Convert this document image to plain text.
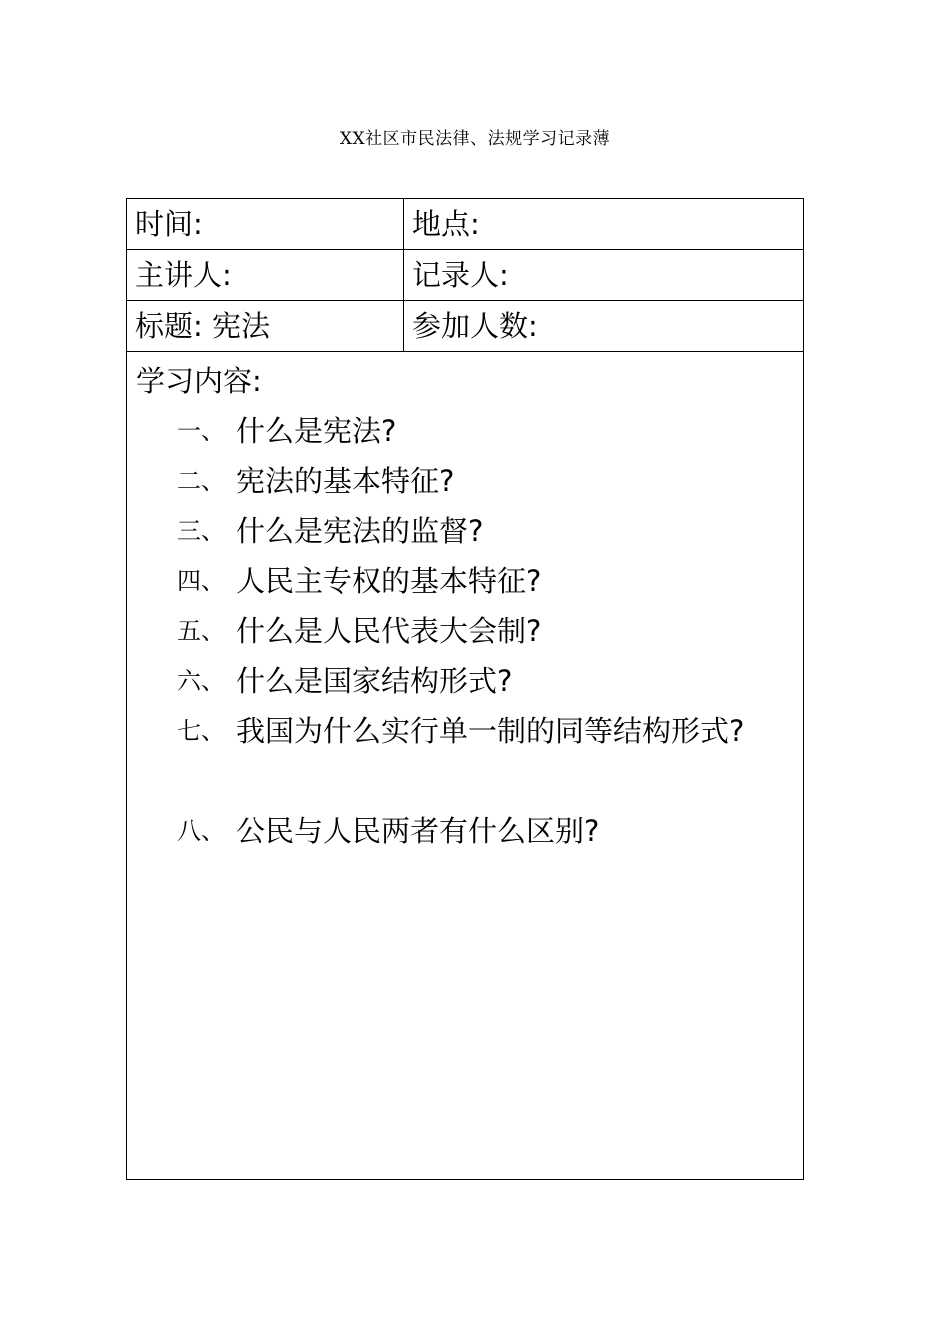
XX社区市民法律、法规学习记录薄
时间:	地点:
主讲人:	记录人:
标题: 宪法	参加人数:
学习内容:
一、 什么是宪法?
二、 宪法的基本特征?
三、 什么是宪法的监督?
四、 人民主专权的基本特征?
五、 什么是人民代表大会制?
六、 什么是国家结构形式?
七、 我国为什么实行单一制的同等结构形式?
八、 公民与人民两者有什么区别?
